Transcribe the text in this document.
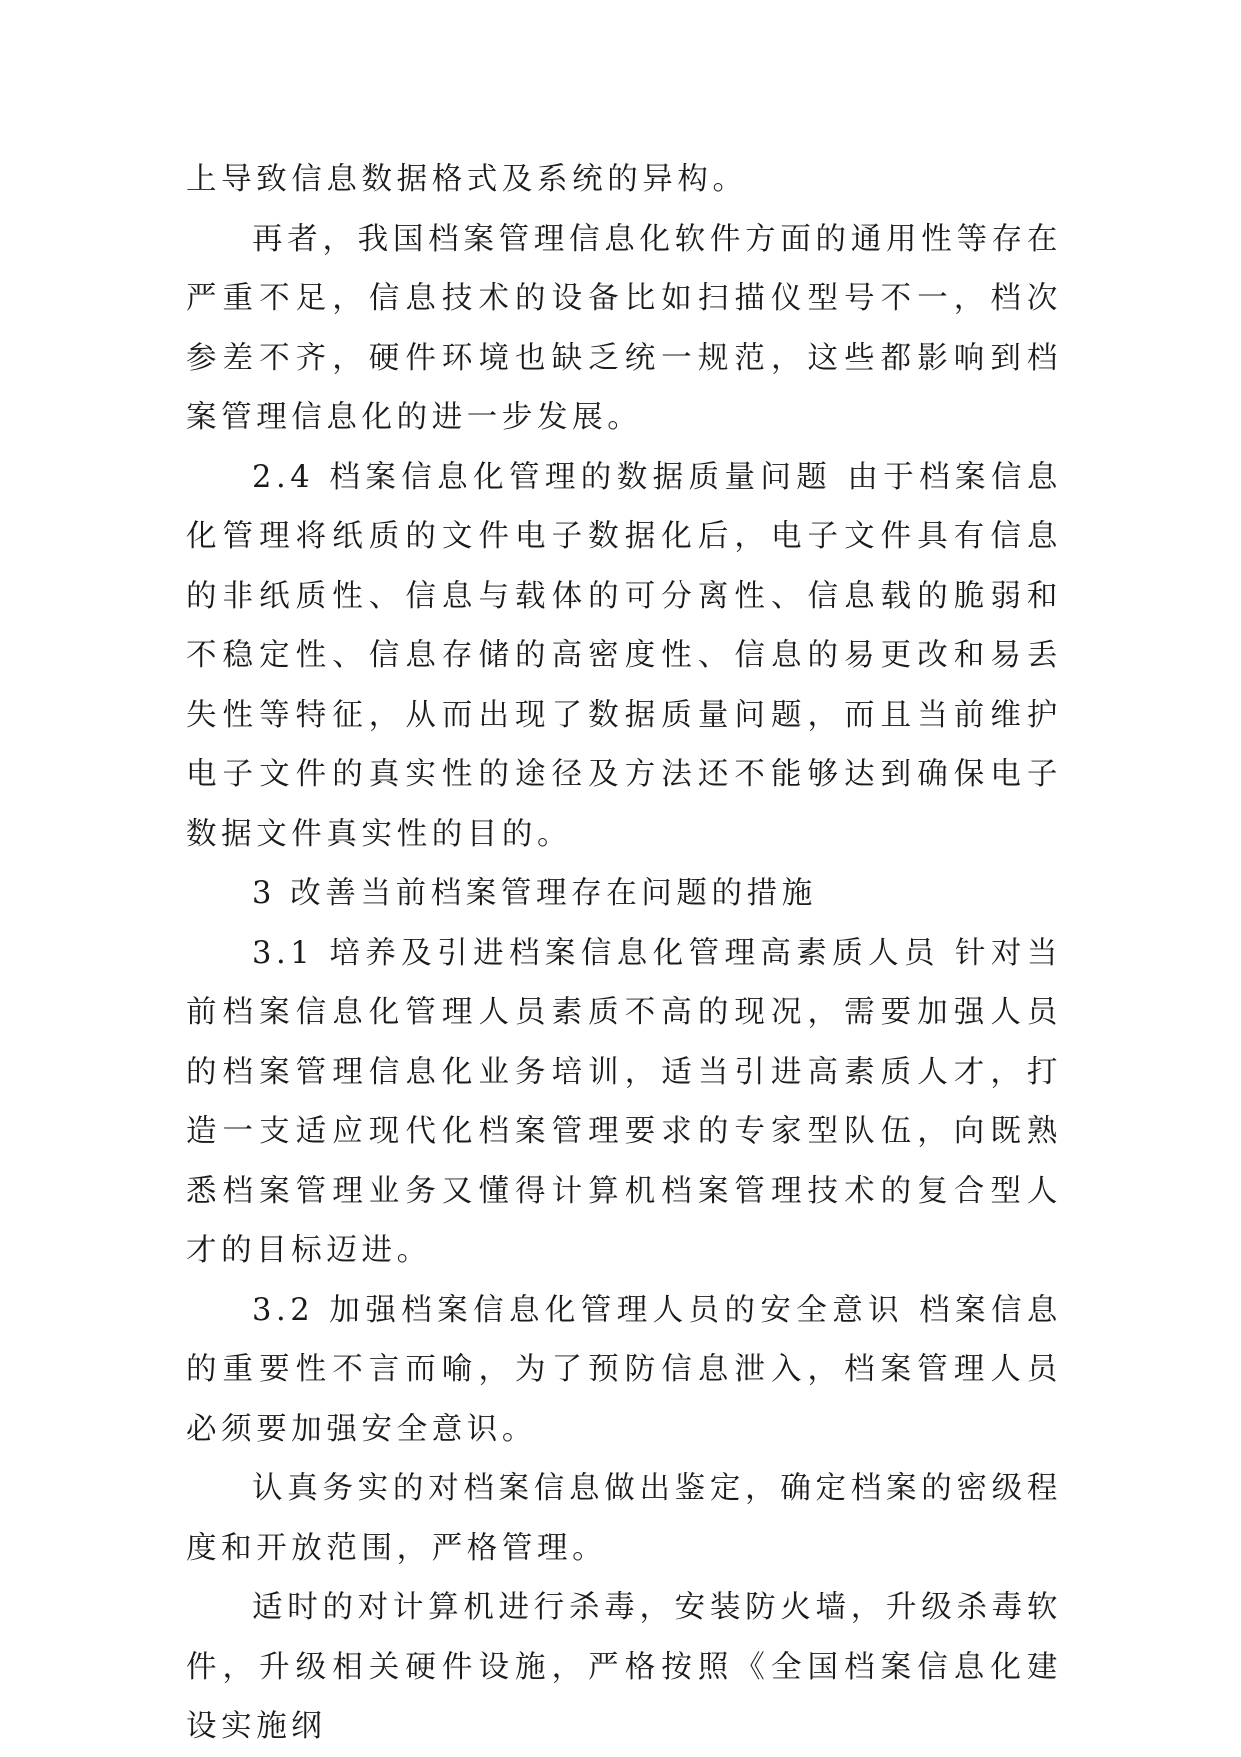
上导致信息数据格式及系统的异构。

再者，我国档案管理信息化软件方面的通用性等存在严重不足，信息技术的设备比如扫描仪型号不一，档次参差不齐，硬件环境也缺乏统一规范，这些都影响到档案管理信息化的进一步发展。

2.4 档案信息化管理的数据质量问题 由于档案信息化管理将纸质的文件电子数据化后，电子文件具有信息的非纸质性、信息与载体的可分离性、信息载的脆弱和不稳定性、信息存储的高密度性、信息的易更改和易丢失性等特征，从而出现了数据质量问题，而且当前维护电子文件的真实性的途径及方法还不能够达到确保电子数据文件真实性的目的。

3 改善当前档案管理存在问题的措施

3.1 培养及引进档案信息化管理高素质人员 针对当前档案信息化管理人员素质不高的现况，需要加强人员的档案管理信息化业务培训，适当引进高素质人才，打造一支适应现代化档案管理要求的专家型队伍，向既熟悉档案管理业务又懂得计算机档案管理技术的复合型人才的目标迈进。

3.2 加强档案信息化管理人员的安全意识 档案信息的重要性不言而喻，为了预防信息泄入，档案管理人员必须要加强安全意识。

认真务实的对档案信息做出鉴定，确定档案的密级程度和开放范围，严格管理。

适时的对计算机进行杀毒，安装防火墙，升级杀毒软件，升级相关硬件设施，严格按照《全国档案信息化建设实施纲
